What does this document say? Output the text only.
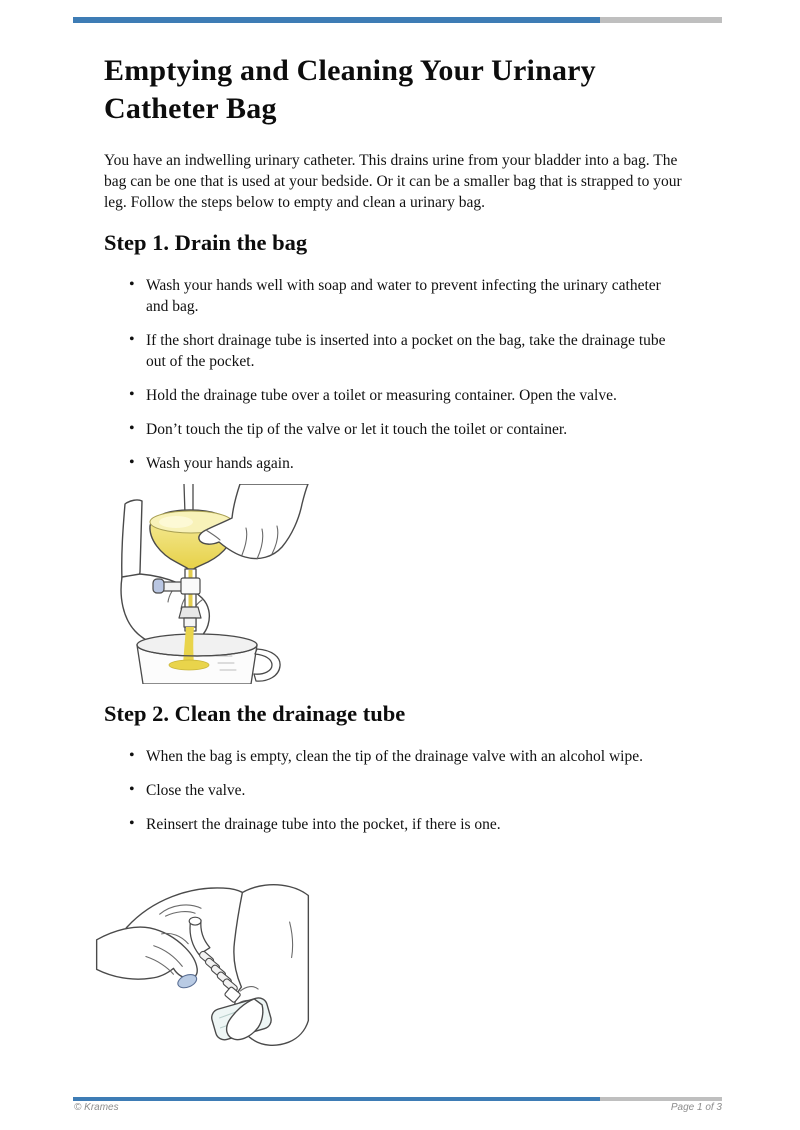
Emptying and Cleaning Your Urinary
Catheter Bag

You have an indwelling urinary catheter. This drains urine from your bladder into a bag. The bag can be one that is used at your bedside. Or it can be a smaller bag that is strapped to your leg. Follow the steps below to empty and clean a urinary bag.

Step 1. Drain the bag
• Wash your hands well with soap and water to prevent infecting the urinary catheter and bag.
• If the short drainage tube is inserted into a pocket on the bag, take the drainage tube out of the pocket.
• Hold the drainage tube over a toilet or measuring container. Open the valve.
• Don’t touch the tip of the valve or let it touch the toilet or container.
• Wash your hands again.
Step 2. Clean the drainage tube
• When the bag is empty, clean the tip of the drainage valve with an alcohol wipe.
• Close the valve.
• Reinsert the drainage tube into the pocket, if there is one.
© Krames	Page 1 of 3
